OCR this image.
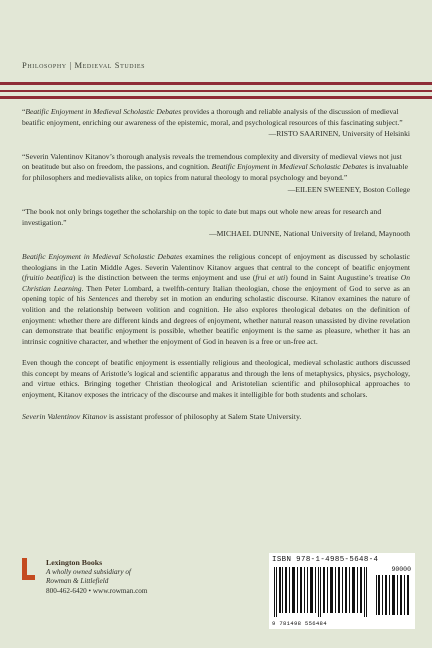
Philosophy | Medieval Studies
“Beatific Enjoyment in Medieval Scholastic Debates provides a thorough and reliable analysis of the discussion of medieval beatific enjoyment, enriching our awareness of the epistemic, moral, and psychological resources of this fascinating subject.”
—RISTO SAARINEN, University of Helsinki
“Severin Valentinov Kitanov’s thorough analysis reveals the tremendous complexity and diversity of medieval views not just on beatitude but also on freedom, the passions, and cognition. Beatific Enjoyment in Medieval Scholastic Debates is invaluable for philosophers and medievalists alike, on topics from natural theology to moral psychology and beyond.”
—EILEEN SWEENEY, Boston College
“The book not only brings together the scholarship on the topic to date but maps out whole new areas for research and investigation.”
—MICHAEL DUNNE, National University of Ireland, Maynooth

Beatific Enjoyment in Medieval Scholastic Debates examines the religious concept of enjoyment as discussed by scholastic theologians in the Latin Middle Ages. Severin Valentinov Kitanov argues that central to the concept of beatific enjoyment (fruitio beatifica) is the distinction between the terms enjoyment and use (frui et uti) found in Saint Augustine’s treatise On Christian Learning. Then Peter Lombard, a twelfth-century Italian theologian, chose the enjoyment of God to serve as an opening topic of his Sentences and thereby set in motion an enduring scholastic discourse. Kitanov examines the nature of volition and the relationship between volition and cognition. He also explores theological debates on the definition of enjoyment: whether there are different kinds and degrees of enjoyment, whether natural reason unassisted by divine revelation can demonstrate that beatific enjoyment is possible, whether beatific enjoyment is the same as pleasure, whether it has an intrinsic cognitive character, and whether the enjoyment of God in heaven is a free or un-free act.

Even though the concept of beatific enjoyment is essentially religious and theological, medieval scholastic authors discussed this concept by means of Aristotle’s logical and scientific apparatus and through the lens of metaphysics, physics, psychology, and virtue ethics. Bringing together Christian theological and Aristotelian scientific and philosophical approaches to enjoyment, Kitanov exposes the intricacy of the discourse and makes it intelligible for both students and scholars.

Severin Valentinov Kitanov is assistant professor of philosophy at Salem State University.

Lexington Books
A wholly owned subsidiary of
Rowman & Littlefield
800-462-6420 • www.rowman.com
ISBN 978-1-4985-5648-4
90000
9 781498 556484
